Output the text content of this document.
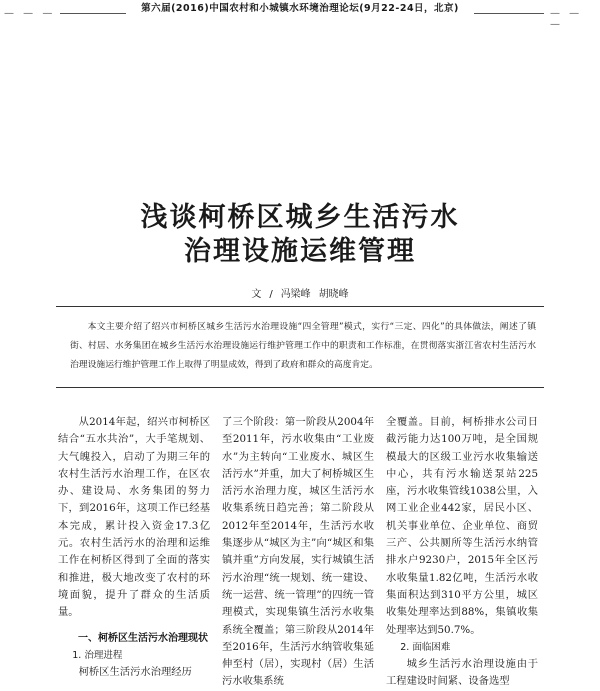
— — —	第六届(2016)中国农村和小城镇水环境治理论坛(9月22-24日，北京)	— — —
浅谈柯桥区城乡生活污水
治理设施运维管理
文 / 冯梁峰 胡晓峰
本文主要介绍了绍兴市柯桥区城乡生活污水治理设施“四全管理”模式，实行“三定、四化”的具体做法，阐述了镇街、村居、水务集团在城乡生活污水治理设施运行维护管理工作中的职责和工作标准，在贯彻落实浙江省农村生活污水治理设施运行维护管理工作上取得了明显成效，得到了政府和群众的高度肯定。

从2014年起，绍兴市柯桥区结合“五水共治”，大手笔规划、大气魄投入，启动了为期三年的农村生活污水治理工作，在区农办、建设局、水务集团的努力下，到2016年，这项工作已经基本完成，累计投入资金17.3亿元。农村生活污水的治理和运维工作在柯桥区得到了全面的落实和推进，极大地改变了农村的环境面貌，提升了群众的生活质量。

一、柯桥区生活污水治理现状

1. 治理进程

柯桥区生活污水治理经历

了三个阶段：第一阶段从2004年至2011年，污水收集由“工业废水”为主转向“工业废水、城区生活污水”并重，加大了柯桥城区生活污水治理力度，城区生活污水收集系统日趋完善；第二阶段从2012年至2014年，生活污水收集逐步从“城区为主”向“城区和集镇并重”方向发展，实行城镇生活污水治理“统一规划、统一建设、统一运营、统一管理”的四统一管理模式，实现集镇生活污水收集系统全覆盖；第三阶段从2014年至2016年，生活污水纳管收集延伸至村（居），实现村（居）生活污水收集系统

全覆盖。目前，柯桥排水公司日截污能力达100万吨，是全国规模最大的区级工业污水收集输送中心，共有污水输送泵站225座，污水收集管线1038公里，入网工业企业442家，居民小区、机关事业单位、企业单位、商贸三产、公共厕所等生活污水纳管排水户9230户，2015年全区污水收集量1.82亿吨，生活污水收集面积达到310平方公里，城区收集处理率达到88%，集镇收集处理率达到50.7%。

2. 面临困难

城乡生活污水治理设施由于工程建设时间紧、设备选型
